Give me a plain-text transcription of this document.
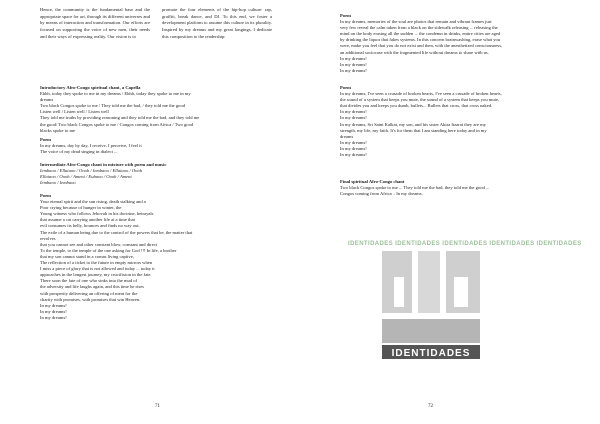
Hence, the community is the fundamental base and the appropriate space for art, through its different universes and by means of interaction and transformation. Our efforts are focused on supporting the voice of new men, their needs and their ways of expressing reality. Our vision is to
promote the four elements of the hip-hop culture: rap, graffiti, break dance, and DJ. To this end, we foster a development platform to assume this culture in its plurality. Inspired by my dreams and my great longings, I dedicate this composition to the readership:
Introductory Afro-Congo spiritual chant, a Capella
Ehhh, today they spoke to me in my dreams / Ehhh, today they spoke to me in my
dreams
Two black Congos spoke to me / They told me the bad, / they told me the good
Listen well / Listen well / Listen well
They told me truths by providing reasoning and they told me the bad, and they told me
the good/ Two black Congos spoke to me / Congos coming from Africa / Two good
blacks spoke to me
Poem
In my dreams, day by day, I receive, I perceive, I feel it
The voice of my dead singing in dialect ...
Intermediate Afro-Congo chant in mixture with poem and music
Iembaoo / Ellaiaoo / Oooh / Iembaoo / Ellaiaoo / Oooh
Ellaiaoo / Oooh / Ameni / Eubaoo / Oooh / Ameni
Iembaoo / Iembaoo
Poem
Your eternal spirit and the sun rising, death stalking and a
Poor crying because of hunger in winter, the
Young witness who follows Jehovah in his doctrine, betrayals
that assume a cat carrying another life at a time that
evil consumes its belly, bounces and finds no way out.
The exile of a human being due to the control of the powers that be, the matter that
revolves
that you cannot see and other constant blow, constant and direct
To the temple, to the temple of the one asking for God !!! In life, a brother
that my son cannot stand in a comas living captive,
The reflection of a ticket to the future in empty mirrors when
I miss a piece of glory that is not allowed and today ... today it
approaches in the longest journey, my crucifixion in the fate.
There soon the fate of one who sinks into the mud of
the adversity and life laughs again, and this time he rises
with prosperity delivering an offering of meat for the
charity with promises, with promises that win Heaven.
In my dreams!
In my dreams!
In my dreams!
71
Poem
In my dreams, memories of the soul are photos that remain and vibrant frames just
very few reveal the calm taken from a black on the sidewalk releasing ... releasing the
mind on the body erasing all the sudden ... the condemn in drinks, entire cities are aged
by drinking the liquor that fakes systems. In this concern brainwashing, erase what you
were, make you feel that you do not exist and then, with the anesthetized consciousness,
an additional sociocase with the fragmented life without dreams to share with us.
In my dreams!
In my dreams!
In my dreams!
Poem
In my dreams, I've seen a crusade of broken hearts, I've seen a crusade of broken hearts,
the sound of a system that keeps you mute, the sound of a system that keeps you mute,
that divides you and keeps you dumb, bullets... Bullets that cross, that cross naked.
In my dreams!
In my dreams!
In my dreams, Sri Saint Kalkat, my son, and his sister Akira Itzarat they are my
strength, my life, my faith. It's for them that I am standing here today and in my
dreams
In my dreams!
In my dreams!
In my dreams!
Final spiritual Afro-Congo chant
Two black Congos spoke to me ... They told me the bad, they told me the good ...
Congos coming from Africa .. In my dreams.
IDENTIDADES IDENTIDADES IDENTIDADES IDENTIDADES IDENTIDADES
IDENTIDADES
72
